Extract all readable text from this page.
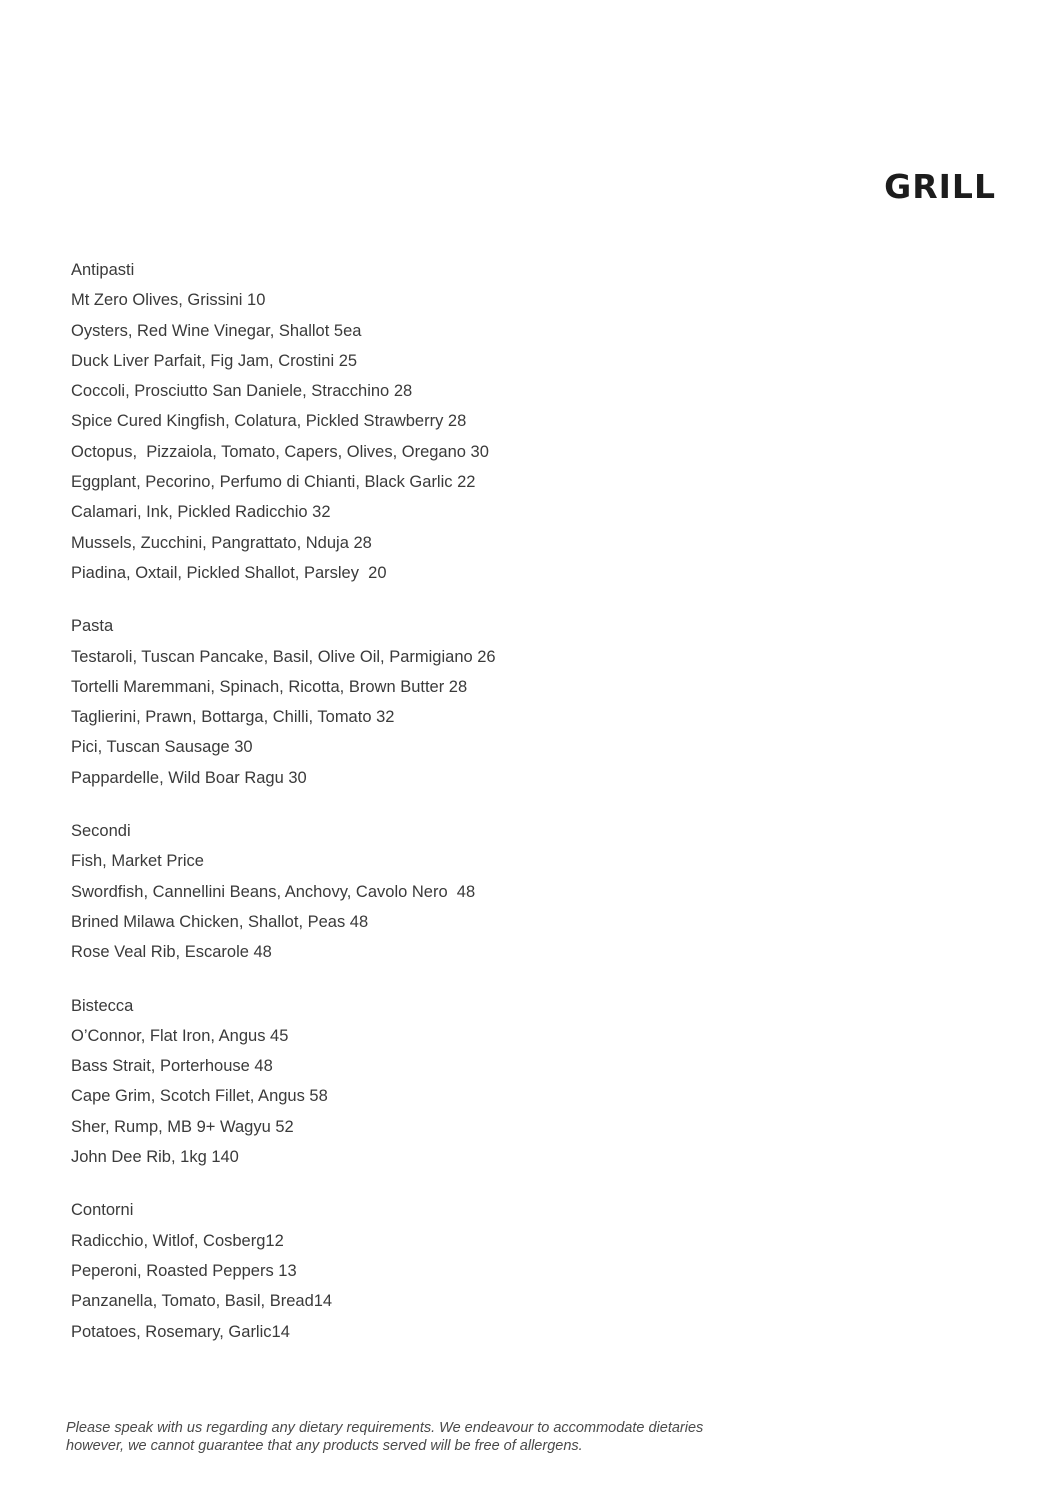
GRILL
Antipasti
Mt Zero Olives, Grissini 10
Oysters, Red Wine Vinegar, Shallot 5ea
Duck Liver Parfait, Fig Jam, Crostini 25
Coccoli, Prosciutto San Daniele, Stracchino 28
Spice Cured Kingfish, Colatura, Pickled Strawberry 28
Octopus,  Pizzaiola, Tomato, Capers, Olives, Oregano 30
Eggplant, Pecorino, Perfumo di Chianti, Black Garlic 22
Calamari, Ink, Pickled Radicchio 32
Mussels, Zucchini, Pangrattato, Nduja 28
Piadina, Oxtail, Pickled Shallot, Parsley  20
Pasta
Testaroli, Tuscan Pancake, Basil, Olive Oil, Parmigiano 26
Tortelli Maremmani, Spinach, Ricotta, Brown Butter 28
Taglierini, Prawn, Bottarga, Chilli, Tomato 32
Pici, Tuscan Sausage 30
Pappardelle, Wild Boar Ragu 30
Secondi
Fish, Market Price
Swordfish, Cannellini Beans, Anchovy, Cavolo Nero  48
Brined Milawa Chicken, Shallot, Peas 48
Rose Veal Rib, Escarole 48
Bistecca
O’Connor, Flat Iron, Angus 45
Bass Strait, Porterhouse 48
Cape Grim, Scotch Fillet, Angus 58
Sher, Rump, MB 9+ Wagyu 52
John Dee Rib, 1kg 140
Contorni
Radicchio, Witlof, Cosberg12
Peperoni, Roasted Peppers 13
Panzanella, Tomato, Basil, Bread14
Potatoes, Rosemary, Garlic14
Please speak with us regarding any dietary requirements. We endeavour to accommodate dietaries
however, we cannot guarantee that any products served will be free of allergens.
